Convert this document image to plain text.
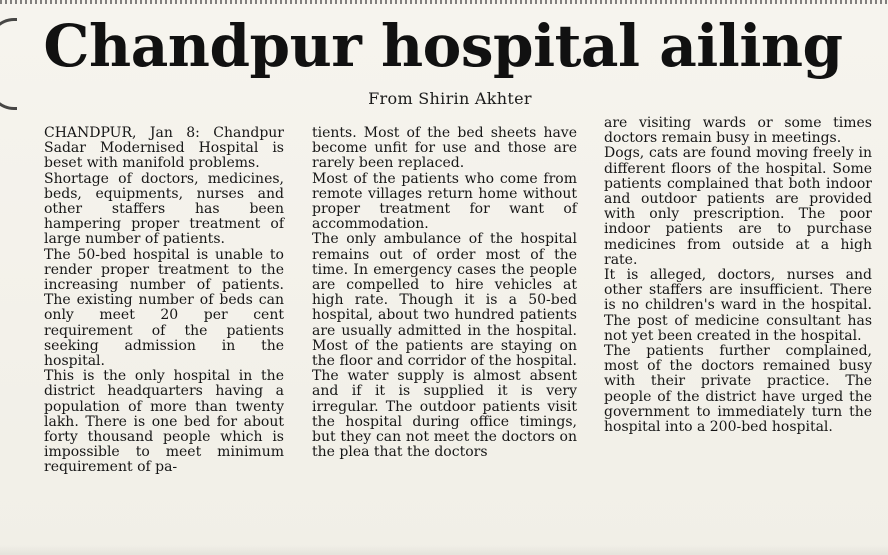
Chandpur hospital ailing
From Shirin Akhter

CHANDPUR, Jan 8: Chandpur Sadar Modernised Hospital is beset with manifold problems.

Shortage of doctors, medicines, beds, equipments, nurses and other staffers has been hampering proper treatment of large number of patients.

The 50-bed hospital is unable to render proper treatment to the increasing number of patients. The existing number of beds can only meet 20 per cent requirement of the patients seeking admission in the hospital.

This is the only hospital in the district headquarters having a population of more than twenty lakh. There is one bed for about forty thousand people which is impossible to meet minimum requirement of pa-

tients. Most of the bed sheets have become unfit for use and those are rarely been replaced.

Most of the patients who come from remote villages return home without proper treatment for want of accommodation.

The only ambulance of the hospital remains out of order most of the time. In emergency cases the people are compelled to hire vehicles at high rate. Though it is a 50-bed hospital, about two hundred patients are usually admitted in the hospital. Most of the patients are staying on the floor and corridor of the hospital. The water supply is almost absent and if it is supplied it is very irregular. The outdoor patients visit the hospital during office timings, but they can not meet the doctors on the plea that the doctors

are visiting wards or some times doctors remain busy in meetings.

Dogs, cats are found moving freely in different floors of the hospital. Some patients complained that both indoor and outdoor patients are provided with only prescription. The poor indoor patients are to purchase medicines from outside at a high rate.

It is alleged, doctors, nurses and other staffers are insufficient. There is no children's ward in the hospital. The post of medicine consultant has not yet been created in the hospital.

The patients further complained, most of the doctors remained busy with their private practice. The people of the district have urged the government to immediately turn the hospital into a 200-bed hospital.
